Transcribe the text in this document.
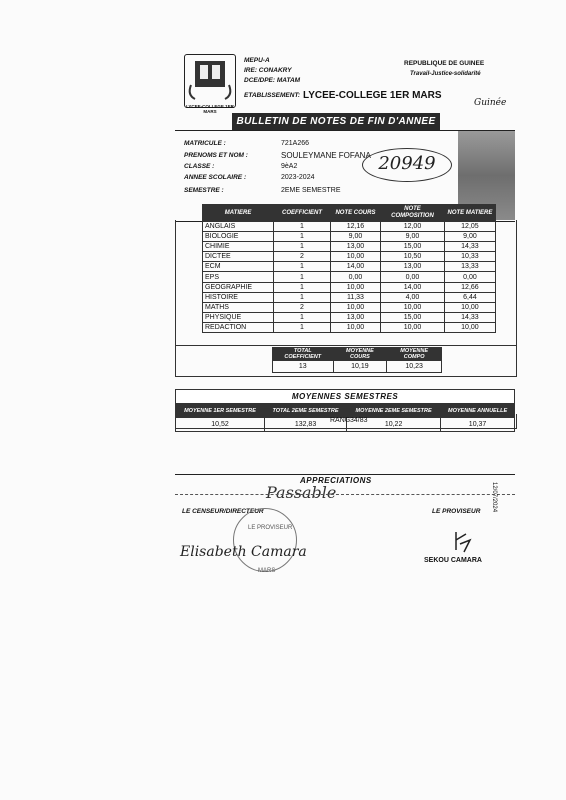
LYCEE-COLLEGE 1ER MARS
MEPU-A
IRE: CONAKRY
DCE/DPE: MATAM
ETABLISSEMENT: LYCEE-COLLEGE 1ER MARS
REPUBLIQUE DE GUINEE
Travail-Justice-solidarité
Guinée
BULLETIN DE NOTES DE FIN D'ANNEE
MATRICULE :	721A266
PRENOMS ET NOM :	SOULEYMANE FOFANA
CLASSE :	9èA2
ANNEE SCOLAIRE :	2023-2024
SEMESTRE :	2EME SEMESTRE
20949
MATIERE	COEFFICIENT	NOTE COURS	NOTE COMPOSITION	NOTE MATIERE
ANGLAIS	1	12,16	12,00	12,05
BIOLOGIE	1	9,00	9,00	9,00
CHIMIE	1	13,00	15,00	14,33
DICTEE	2	10,00	10,50	10,33
ECM	1	14,00	13,00	13,33
EPS	1	0,00	0,00	0,00
GEOGRAPHIE	1	10,00	14,00	12,66
HISTOIRE	1	11,33	4,00	6,44
MATHS	2	10,00	10,00	10,00
PHYSIQUE	1	13,00	15,00	14,33
REDACTION	1	10,00	10,00	10,00
TOTAL COEFFICIENT	MOYENNE COURS	MOYENNE COMPO
13	10,19	10,23
MOYENNES SEMESTRES			
MOYENNE 1ER SEMESTRE	TOTAL 2EME SEMESTRE	MOYENNE 2EME SEMESTRE	MOYENNE ANNUELLE
10,52	132,83	10,22	10,37
RANG 34/83
APPRECIATIONS
Passable
LE CENSEUR/DIRECTEUR	LE PROVISEUR 12/07/2024
LE PROVISEUR
MARS
Elisabeth Camara
SEKOU CAMARA
